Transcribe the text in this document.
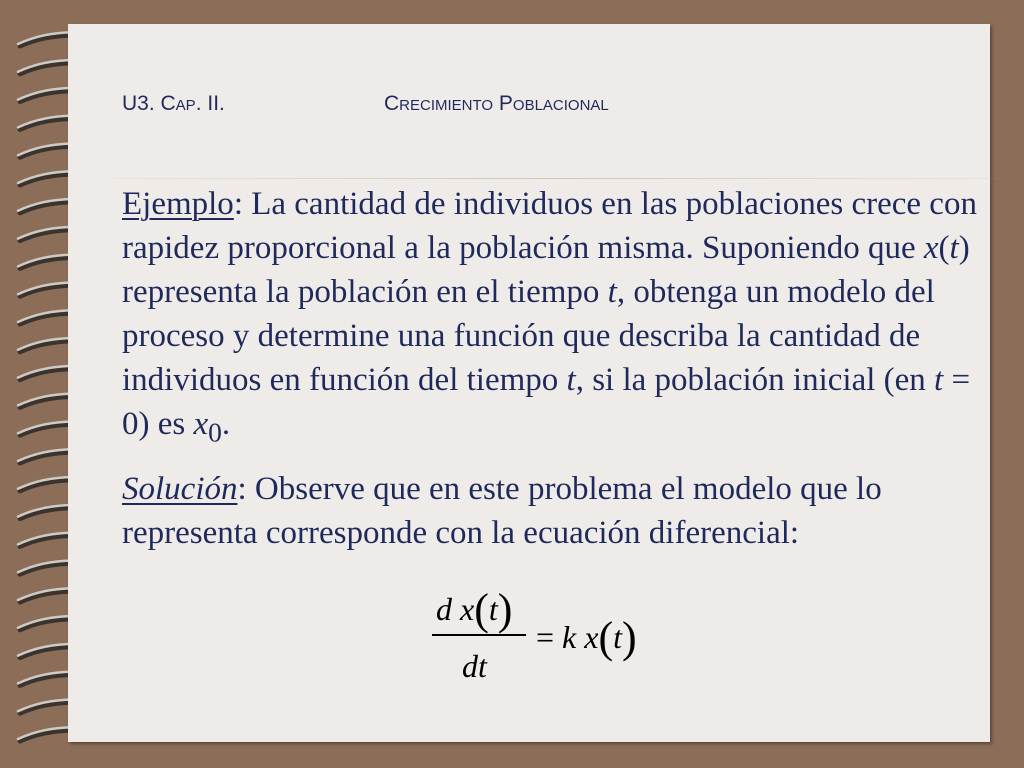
U3. Cap. II.	Crecimiento Poblacional

Ejemplo: La cantidad de individuos en las poblaciones crece con rapidez proporcional a la población misma. Suponiendo que x(t) representa la población en el tiempo t, obtenga un modelo del proceso y determine una función que describa la cantidad de individuos en función del tiempo t, si la población inicial (en t = 0) es $x_0$.

Solución: Observe que en este problema el modelo que lo representa corresponde con la ecuación diferencial:

d x(t)
dt
= k x(t)
